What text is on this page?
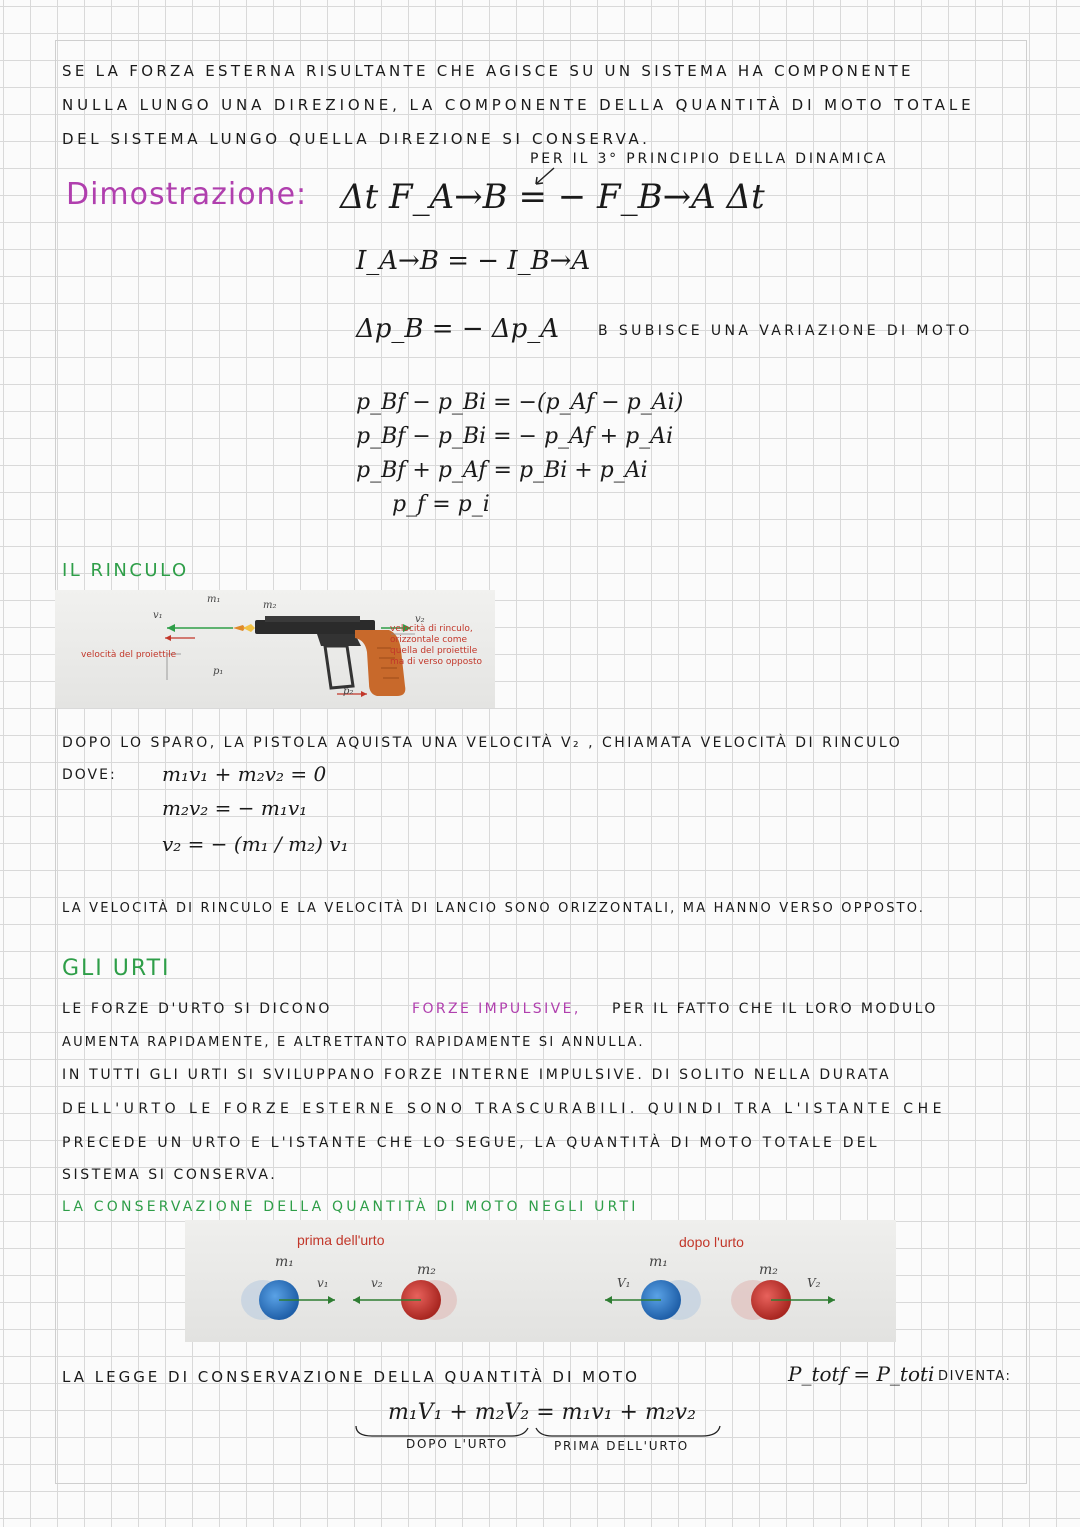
SE LA FORZA ESTERNA RISULTANTE CHE AGISCE SU UN SISTEMA HA COMPONENTE
NULLA LUNGO UNA DIREZIONE, LA COMPONENTE DELLA QUANTITÀ DI MOTO TOTALE
DEL SISTEMA LUNGO QUELLA DIREZIONE SI CONSERVA.
PER IL 3° PRINCIPIO DELLA DINAMICA
Dimostrazione: Δt F_A→B = − F_B→A Δt
I_A→B = − I_B→A
Δp_B = − Δp_A	B SUBISCE UNA VARIAZIONE DI MOTO
p_Bf − p_Bi = −(p_Af − p_Ai)
p_Bf − p_Bi = − p_Af + p_Ai
p_Bf + p_Af = p_Bi + p_Ai
p_f = p_i
IL RINCULO
m₁
m₂
v₁	v₂
p₁
p₂
velocità del proiettile
velocità di rinculo,
orizzontale come
quella del proiettile
ma di verso opposto
DOPO LO SPARO, LA PISTOLA AQUISTA UNA VELOCITÀ V₂ , CHIAMATA VELOCITÀ DI RINCULO
DOVE: m₁v₁ + m₂v₂ = 0
m₂v₂ = − m₁v₁
v₂ = − (m₁ / m₂) v₁
LA VELOCITÀ DI RINCULO E LA VELOCITÀ DI LANCIO SONO ORIZZONTALI, MA HANNO VERSO OPPOSTO.
GLI URTI
LE FORZE D'URTO SI DICONO	FORZE IMPULSIVE, PER IL FATTO CHE IL LORO MODULO
AUMENTA RAPIDAMENTE, E ALTRETTANTO RAPIDAMENTE SI ANNULLA.
IN TUTTI GLI URTI SI SVILUPPANO FORZE INTERNE IMPULSIVE. DI SOLITO NELLA DURATA
DELL'URTO LE FORZE ESTERNE SONO TRASCURABILI. QUINDI TRA L'ISTANTE CHE
PRECEDE UN URTO E L'ISTANTE CHE LO SEGUE, LA QUANTITÀ DI MOTO TOTALE DEL
SISTEMA SI CONSERVA.
LA CONSERVAZIONE DELLA QUANTITÀ DI MOTO NEGLI URTI
prima dell'urto	dopo l'urto
m₁
v₁	v₂
m₂	m₁
V₁
m₂
V₂
LA LEGGE DI CONSERVAZIONE DELLA QUANTITÀ DI MOTO	P_totf = P_toti DIVENTA:
m₁V₁ + m₂V₂ = m₁v₁ + m₂v₂
DOPO L'URTO	PRIMA DELL'URTO
